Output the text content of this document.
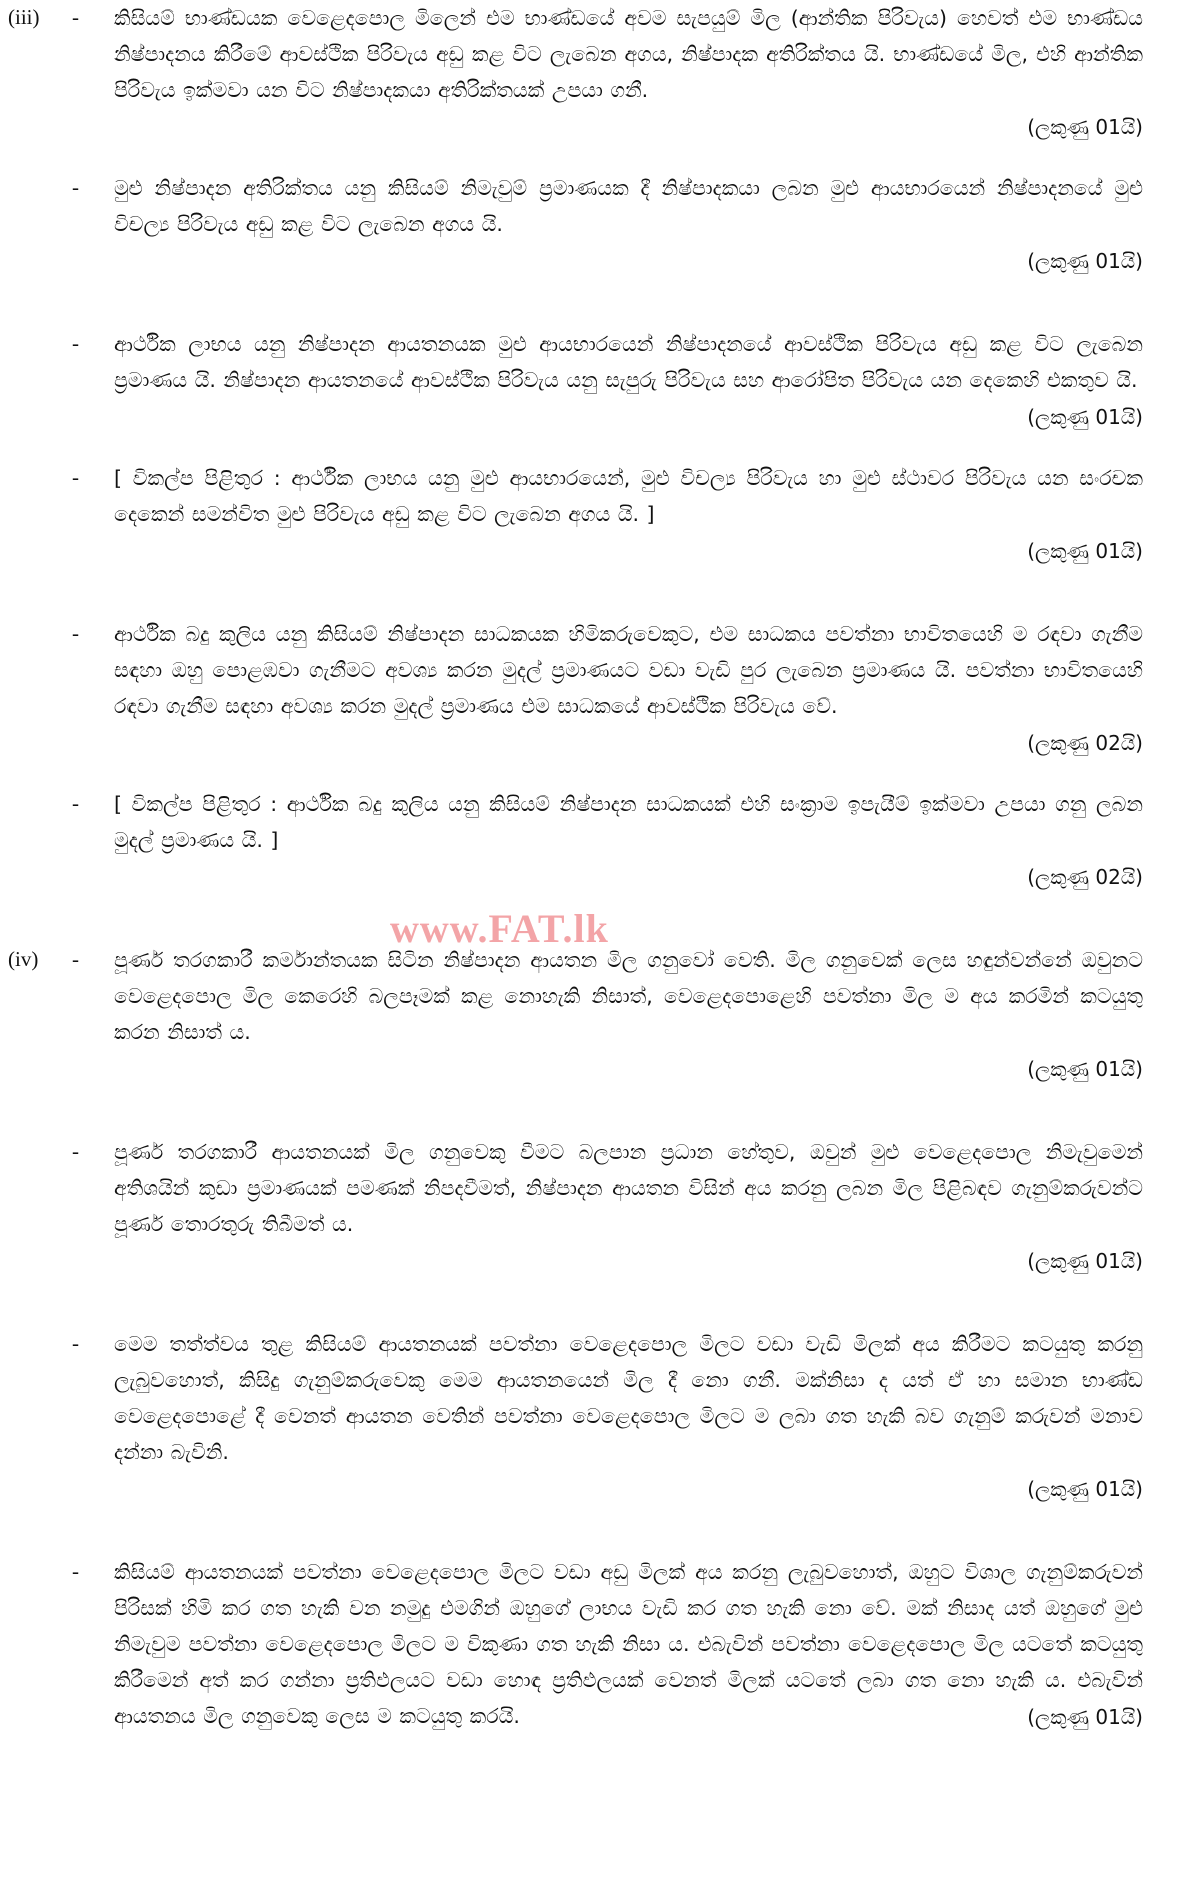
www.FAT.lk
(iii)	-	කිසියම් භාණ්ඩයක වෙළෙදපොල මිලෙන් එම භාණ්ඩයේ අවම සැපයුම් මිල (ආන්තික පිරිවැය) හෙවත් එම භාණ්ඩය නිෂ්පාදනය කිරීමේ ආවස්ථික පිරිවැය අඩු කළ විට ලැබෙන අගය, නිෂ්පාදක අතිරික්තය යි. භාණ්ඩයේ මිල, එහි ආන්තික පිරිවැය ඉක්මවා යන විට නිෂ්පාදකයා අතිරික්තයක් උපයා ගනී.
(ලකුණු 01යි)
-	මුළු නිෂ්පාදන අතිරික්තය යනු කිසියම් නිමැවුම් ප්‍රමාණයක දී නිෂ්පාදකයා ලබන මුළු ආයභාරයෙන් නිෂ්පාදනයේ මුළු විචල්‍ය පිරිවැය අඩු කළ විට ලැබෙන අගය යි.
(ලකුණු 01යි)
-	ආර්ථික ලාභය යනු නිෂ්පාදන ආයතනයක මුළු ආයභාරයෙන් නිෂ්පාදනයේ ආවස්ථික පිරිවැය අඩු කළ විට ලැබෙන ප්‍රමාණය යි. නිෂ්පාදන ආයතනයේ ආවස්ථික පිරිවැය යනු සැපුරු පිරිවැය සහ ආරෝපිත පිරිවැය යන දෙකෙහි එකතුව යි.
(ලකුණු 01යි)
-	[ විකල්ප පිළිතුර : ආර්ථික ලාභය යනු මුළු ආයභාරයෙන්, මුළු විචල්‍ය පිරිවැය හා මුළු ස්ථාවර පිරිවැය යන සංරචක දෙකෙන් සමන්විත මුළු පිරිවැය අඩු කළ විට ලැබෙන අගය යි. ]
(ලකුණු 01යි)
-	ආර්ථික බදු කුලිය යනු කිසියම් නිෂ්පාදන සාධකයක හිමිකරුවෙකුට, එම සාධකය පවත්නා භාවිතයෙහි ම රඳවා ගැනීම සඳහා ඔහු පොළඹවා ගැනීමට අවශ්‍ය කරන මුදල් ප්‍රමාණයට වඩා වැඩි පුර ලැබෙන ප්‍රමාණය යි. පවත්නා භාවිතයෙහි රඳවා ගැනීම සඳහා අවශ්‍ය කරන මුදල් ප්‍රමාණය එම සාධකයේ ආවස්ථික පිරිවැය වේ.
(ලකුණු 02යි)
-	[ විකල්ප පිළිතුර : ආර්ථික බදු කුලිය යනු කිසියම් නිෂ්පාදන සාධකයක් එහි සංක්‍රාම ඉපැයීම් ඉක්මවා උපයා ගනු ලබන මුදල් ප්‍රමාණය යි. ]
(ලකුණු 02යි)
(iv)	-	පූර්ණ තරගකාරී කර්මාන්තයක සිටින නිෂ්පාදන ආයතන මිල ගනුවෝ වෙති. මිල ගනුවෙක් ලෙස හඳුන්වන්නේ ඔවුනට වෙළෙදපොල මිල කෙරෙහි බලපෑමක් කළ නොහැකි නිසාත්, වෙළෙදපොළෙහි පවත්නා මිල ම අය කරමින් කටයුතු කරන නිසාත් ය.
(ලකුණු 01යි)
-	පූර්ණ තරගකාරී ආයතනයක් මිල ගනුවෙකු වීමට බලපාන ප්‍රධාන හේතුව, ඔවුන් මුළු වෙළෙදපොල නිමැවුමෙන් අතිශයින් කුඩා ප්‍රමාණයක් පමණක් නිපදවීමත්, නිෂ්පාදන ආයතන විසින් අය කරනු ලබන මිල පිළිබඳව ගැනුම්කරුවන්ට පූර්ණ තොරතුරු තිබීමත් ය.
(ලකුණු 01යි)
-	මෙම තත්ත්වය තුළ කිසියම් ආයතනයක් පවත්නා වෙළෙදපොල මිලට වඩා වැඩි මිලක් අය කිරීමට කටයුතු කරනු ලැබුවහොත්, කිසිදු ගැනුම්කරුවෙකු මෙම ආයතනයෙන් මිල දී නො ගනී. මක්නිසා ද යත් ඒ හා සමාන භාණ්ඩ වෙළෙදපොළේ දී වෙනත් ආයතන වෙතින් පවත්නා වෙළෙදපොල මිලට ම ලබා ගත හැකි බව ගැනුම් කරුවන් මනාව දන්නා බැවිනි.
(ලකුණු 01යි)
-	කිසියම් ආයතනයක් පවත්නා වෙළෙදපොල මිලට වඩා අඩු මිලක් අය කරනු ලැබුවහොත්, ඔහුට විශාල ගැනුම්කරුවන් පිරිසක් හිමි කර ගත හැකි වන නමුදු එමගින් ඔහුගේ ලාභය වැඩි කර ගත හැකි නො වේ. මක් නිසාද යත් ඔහුගේ මුළු නිමැවුම පවත්නා වෙළෙදපොල මිලට ම විකුණා ගත හැකි නිසා ය. එබැවින් පවත්නා වෙළෙදපොල මිල යටතේ කටයුතු කිරීමෙන් අත් කර ගන්නා ප්‍රතිඵලයට වඩා හොඳ ප්‍රතිඵලයක් වෙනත් මිලක් යටතේ ලබා ගත නො හැකි ය. එබැවින් ආයතනය මිල ගනුවෙකු ලෙස ම කටයුතු කරයි.	(ලකුණු 01යි)
